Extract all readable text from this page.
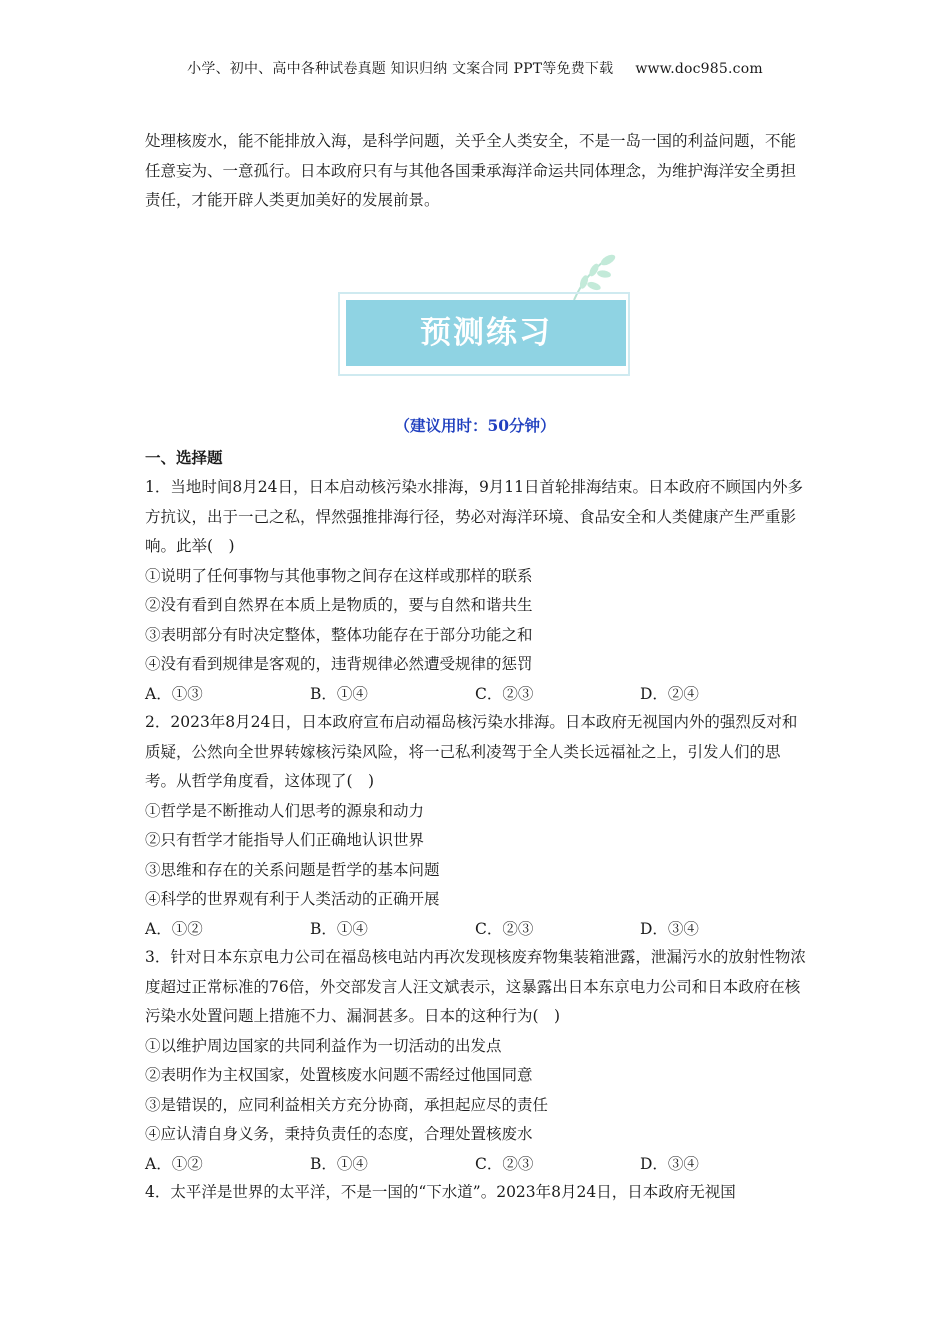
小学、初中、高中各种试卷真题 知识归纳 文案合同 PPT等免费下载 www.doc985.com
处理核废水，能不能排放入海，是科学问题，关乎全人类安全，不是一岛一国的利益问题，不能任意妄为、一意孤行。日本政府只有与其他各国秉承海洋命运共同体理念，为维护海洋安全勇担责任，才能开辟人类更加美好的发展前景。
预测练习
（建议用时：50分钟）
一、选择题

1．当地时间8月24日，日本启动核污染水排海，9月11日首轮排海结束。日本政府不顾国内外多方抗议，出于一己之私，悍然强推排海行径，势必对海洋环境、食品安全和人类健康产生严重影响。此举(　)

①说明了任何事物与其他事物之间存在这样或那样的联系

②没有看到自然界在本质上是物质的，要与自然和谐共生

③表明部分有时决定整体，整体功能存在于部分功能之和

④没有看到规律是客观的，违背规律必然遭受规律的惩罚

A．①③	B．①④	C．②③	D．②④

2．2023年8月24日，日本政府宣布启动福岛核污染水排海。日本政府无视国内外的强烈反对和质疑，公然向全世界转嫁核污染风险，将一己私利凌驾于全人类长远福祉之上，引发人们的思考。从哲学角度看，这体现了(　)

①哲学是不断推动人们思考的源泉和动力

②只有哲学才能指导人们正确地认识世界

③思维和存在的关系问题是哲学的基本问题

④科学的世界观有利于人类活动的正确开展

A．①②	B．①④	C．②③	D．③④

3．针对日本东京电力公司在福岛核电站内再次发现核废弃物集装箱泄露，泄漏污水的放射性物浓度超过正常标准的76倍，外交部发言人汪文斌表示，这暴露出日本东京电力公司和日本政府在核污染水处置问题上措施不力、漏洞甚多。日本的这种行为(　)

①以维护周边国家的共同利益作为一切活动的出发点

②表明作为主权国家，处置核废水问题不需经过他国同意

③是错误的，应同利益相关方充分协商，承担起应尽的责任

④应认清自身义务，秉持负责任的态度，合理处置核废水

A．①②	B．①④	C．②③	D．③④

4．太平洋是世界的太平洋，不是一国的“下水道”。2023年8月24日，日本政府无视国
